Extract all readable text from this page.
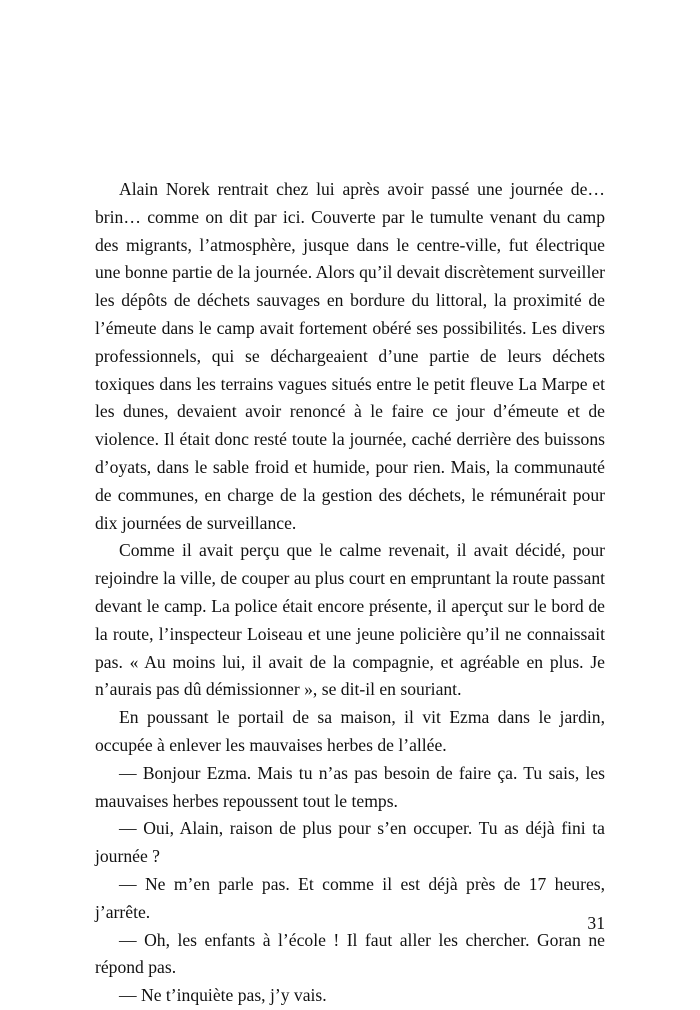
Alain Norek rentrait chez lui après avoir passé une journée de… brin… comme on dit par ici. Couverte par le tumulte venant du camp des migrants, l’atmosphère, jusque dans le centre-ville, fut électrique une bonne partie de la journée. Alors qu’il devait discrètement surveiller les dépôts de déchets sauvages en bordure du littoral, la proximité de l’émeute dans le camp avait fortement obéré ses possibilités. Les divers professionnels, qui se déchargeaient d’une partie de leurs déchets toxiques dans les terrains vagues situés entre le petit fleuve La Marpe et les dunes, devaient avoir renoncé à le faire ce jour d’émeute et de violence. Il était donc resté toute la journée, caché derrière des buissons d’oyats, dans le sable froid et humide, pour rien. Mais, la communauté de communes, en charge de la gestion des déchets, le rémunérait pour dix journées de surveillance.

Comme il avait perçu que le calme revenait, il avait décidé, pour rejoindre la ville, de couper au plus court en empruntant la route passant devant le camp. La police était encore présente, il aperçut sur le bord de la route, l’inspecteur Loiseau et une jeune policière qu’il ne connaissait pas. « Au moins lui, il avait de la compagnie, et agréable en plus. Je n’aurais pas dû démissionner », se dit-il en souriant.

En poussant le portail de sa maison, il vit Ezma dans le jardin, occupée à enlever les mauvaises herbes de l’allée.

— Bonjour Ezma. Mais tu n’as pas besoin de faire ça. Tu sais, les mauvaises herbes repoussent tout le temps.

— Oui, Alain, raison de plus pour s’en occuper. Tu as déjà fini ta journée ?

— Ne m’en parle pas. Et comme il est déjà près de 17 heures, j’arrête.

— Oh, les enfants à l’école ! Il faut aller les chercher. Goran ne répond pas.

— Ne t’inquiète pas, j’y vais.

31
